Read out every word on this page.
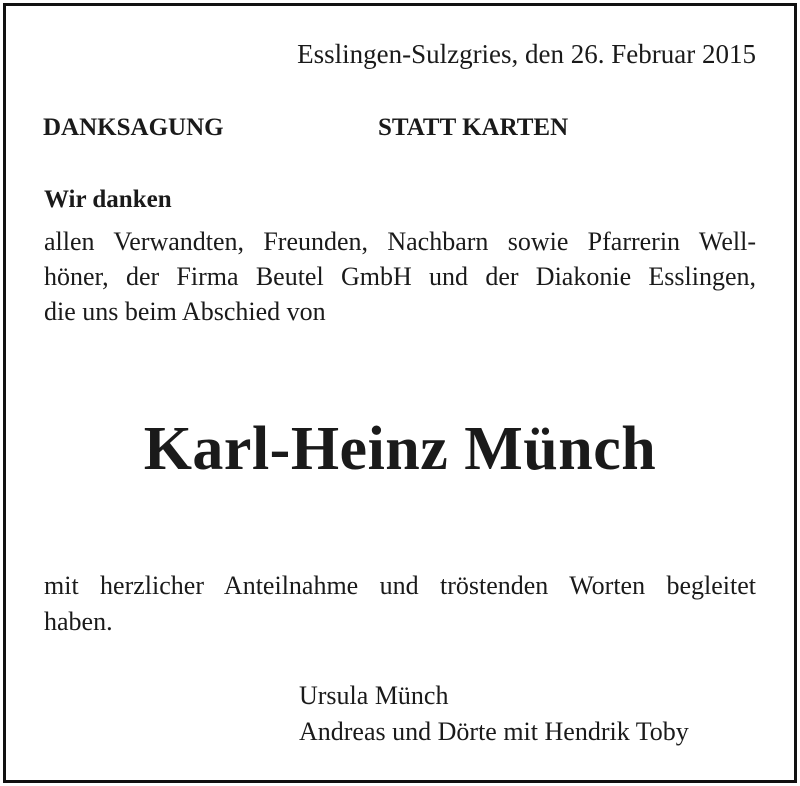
Esslingen-Sulzgries, den 26. Februar 2015
DANKSAGUNG	STATT KARTEN
Wir danken
allen Verwandten, Freunden, Nachbarn sowie Pfarrerin Well-
höner, der Firma Beutel GmbH und der Diakonie Esslingen,
die uns beim Abschied von
Karl-Heinz Münch
mit herzlicher Anteilnahme und tröstenden Worten begleitet
haben.
Ursula Münch
Andreas und Dörte mit Hendrik Toby
